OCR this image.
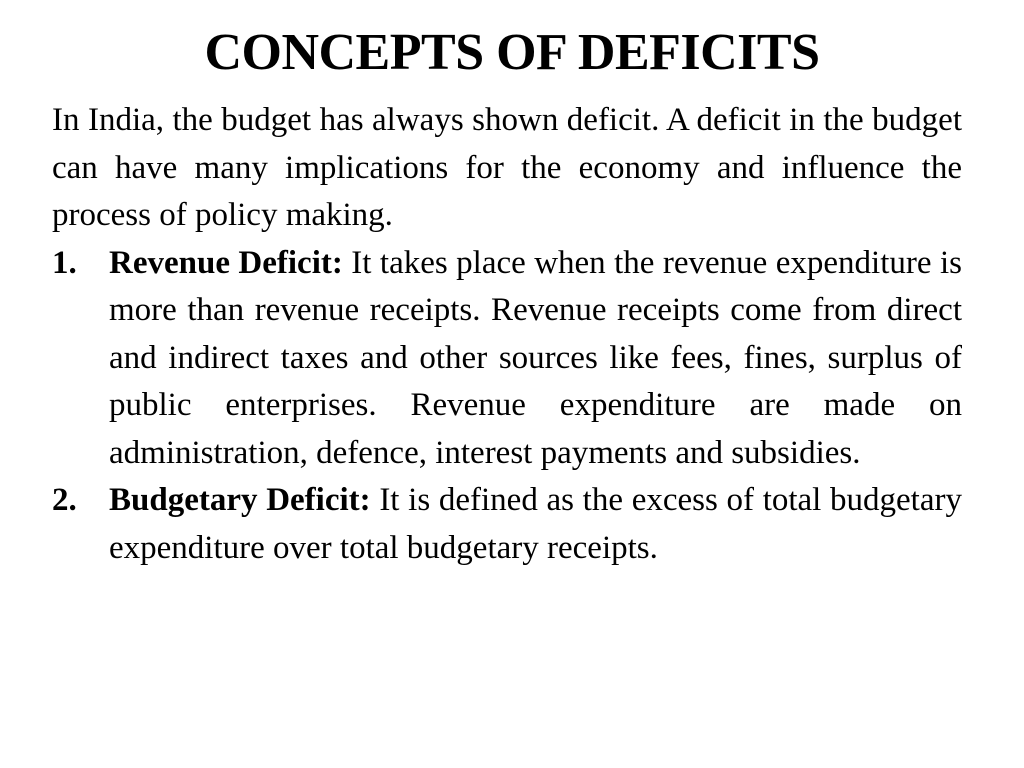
CONCEPTS OF DEFICITS

In India, the budget has always shown deficit. A deficit in the budget can have many implications for the economy and influence the process of policy making.

1. Revenue Deficit: It takes place when the revenue expenditure is more than revenue receipts. Revenue receipts come from direct and indirect taxes and other sources like fees, fines, surplus of public enterprises. Revenue expenditure are made on administration, defence, interest payments and subsidies.
2. Budgetary Deficit: It is defined as the excess of total budgetary expenditure over total budgetary receipts.
